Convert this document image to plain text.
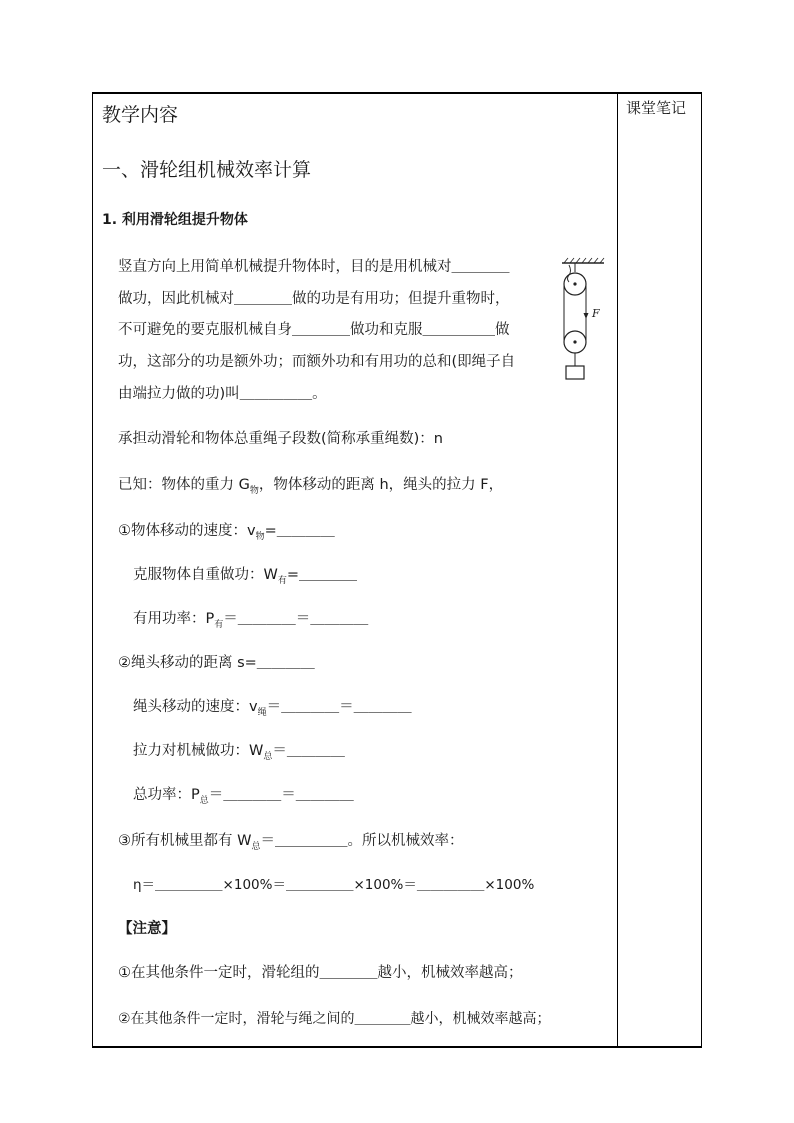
课堂笔记
教学内容
一、滑轮组机械效率计算
1. 利用滑轮组提升物体
竖直方向上用简单机械提升物体时，目的是用机械对＿＿＿＿
做功，因此机械对＿＿＿＿做的功是有用功；但提升重物时，
不可避免的要克服机械自身＿＿＿＿做功和克服＿＿＿＿＿做
功，这部分的功是额外功；而额外功和有用功的总和(即绳子自
由端拉力做的功)叫＿＿＿＿＿。
F
承担动滑轮和物体总重绳子段数(简称承重绳数)：n
已知：物体的重力 $G_物$，物体移动的距离 h，绳头的拉力 F，
①物体移动的速度：$v_物=\_\_\_\_$
克服物体自重做功：$W_有=\_\_\_\_$
有用功率：$P_有=\_\_\_\_=\_\_\_\_$
②绳头移动的距离 s=＿＿＿＿
绳头移动的速度：$v_绳=\_\_\_\_=\_\_\_\_$
拉力对机械做功：$W_总=\_\_\_\_$
总功率：$P_总=\_\_\_\_=\_\_\_\_$
③所有机械里都有 $W_总=\_\_\_\_\_$。所以机械效率：
η＝＿＿＿＿＿×100%＝＿＿＿＿＿×100%＝＿＿＿＿＿×100%
【注意】
①在其他条件一定时，滑轮组的＿＿＿＿越小，机械效率越高；
②在其他条件一定时，滑轮与绳之间的＿＿＿＿越小，机械效率越高；
